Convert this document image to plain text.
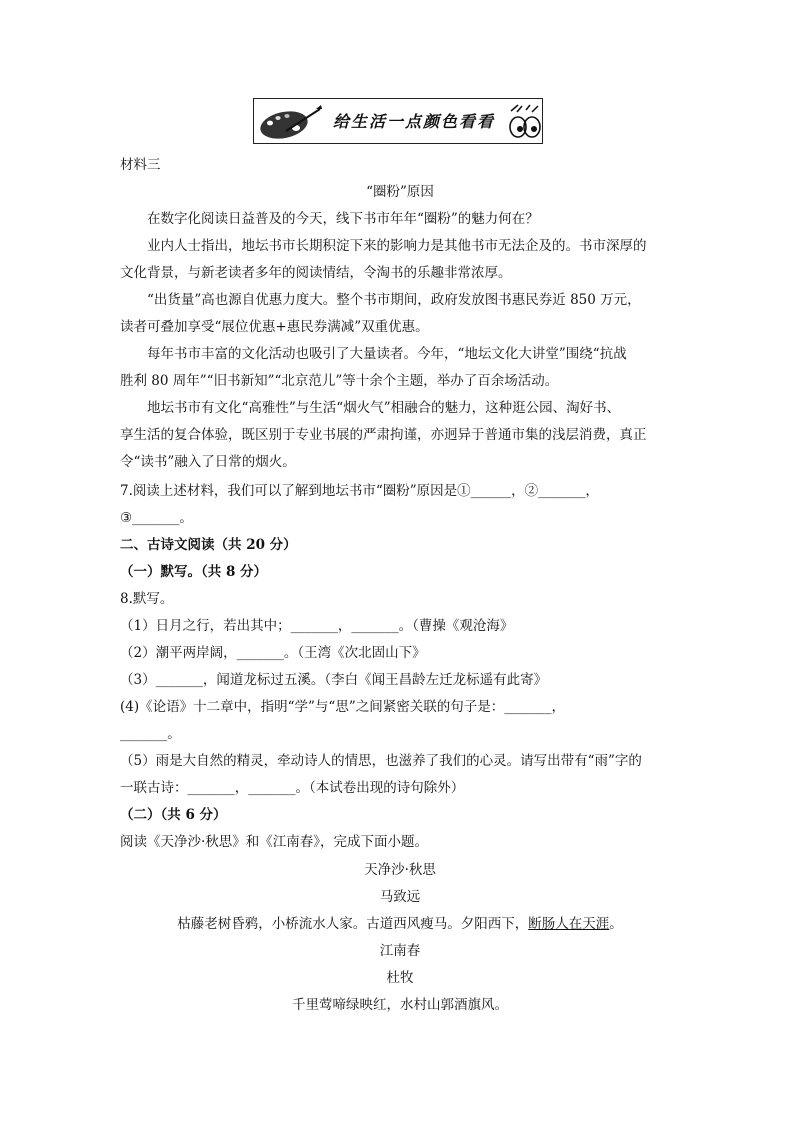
给生活一点颜色看看
材料三
“圈粉”原因
在数字化阅读日益普及的今天，线下书市年年“圈粉”的魅力何在？
业内人士指出，地坛书市长期积淀下来的影响力是其他书市无法企及的。书市深厚的
文化背景，与新老读者多年的阅读情结，令淘书的乐趣非常浓厚。
“出货量”高也源自优惠力度大。整个书市期间，政府发放图书惠民券近 850 万元，
读者可叠加享受“展位优惠+惠民券满减”双重优惠。
每年书市丰富的文化活动也吸引了大量读者。今年，“地坛文化大讲堂”围绕“抗战
胜利 80 周年”“旧书新知”“北京范儿”等十余个主题，举办了百余场活动。
地坛书市有文化“高雅性”与生活“烟火气”相融合的魅力，这种逛公园、淘好书、
享生活的复合体验，既区别于专业书展的严肃拘谨，亦迥异于普通市集的浅层消费，真正
令“读书”融入了日常的烟火。
7.阅读上述材料，我们可以了解到地坛书市“圈粉”原因是①______，②_______，
③_______。
二、古诗文阅读（共 20 分）
（一）默写。（共 8 分）
8.默写。
（1）日月之行，若出其中；_______，_______。（曹操《观沧海》
（2）潮平两岸阔，_______。（王湾《次北固山下》
（3）_______，闻道龙标过五溪。（李白《闻王昌龄左迁龙标遥有此寄》
(4)《论语》十二章中，指明“学”与“思”之间紧密关联的句子是：_______，
_______。
（5）雨是大自然的精灵，牵动诗人的情思，也滋养了我们的心灵。请写出带有“雨”字的
一联古诗：_______，_______。（本试卷出现的诗句除外）
（二）（共 6 分）
阅读《天净沙·秋思》和《江南春》，完成下面小题。
天净沙·秋思
马致远
枯藤老树昏鸦，小桥流水人家。古道西风瘦马。夕阳西下，断肠人在天涯。
江南春
杜牧
千里莺啼绿映红，水村山郭酒旗风。
